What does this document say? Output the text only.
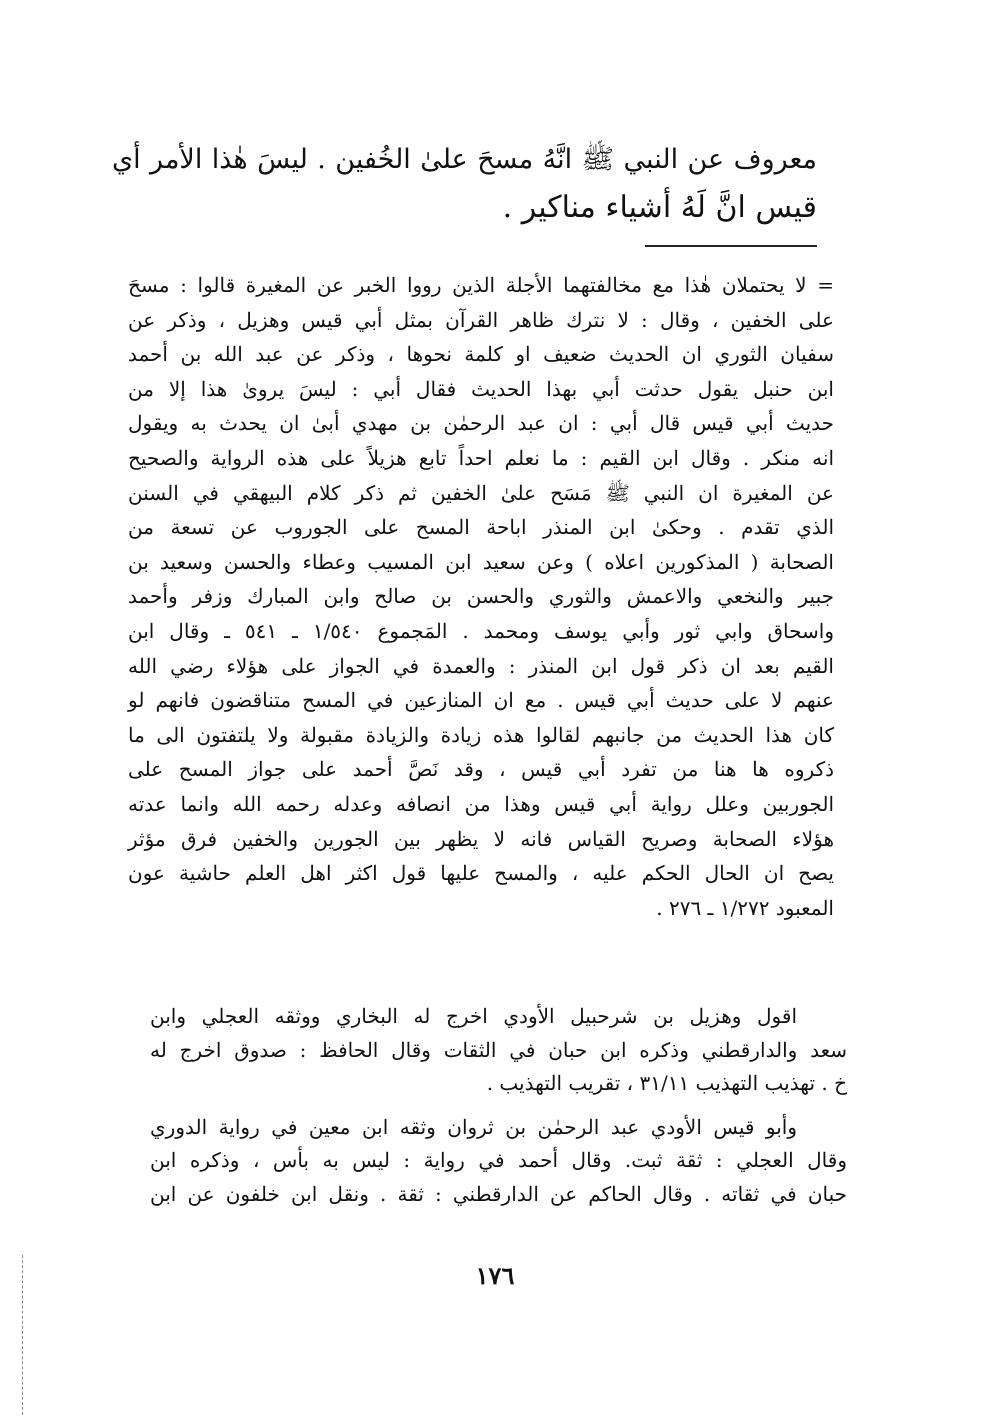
معروف عن النبي ﷺ انَّهُ مسحَ علىٰ الخُفين . ليسَ هٰذا الأمر أي
قيس انَّ لَهُ أشياء مناكير .
= لا يحتملان هٰذا مع مخالفتهما الأجلة الذين رووا الخبر عن المغيرة قالوا : مسحَ
على الخفين ، وقال : لا نترك ظاهر القرآن بمثل أبي قيس وهزيل ، وذكر عن
سفيان الثوري ان الحديث ضعيف او كلمة نحوها ، وذكر عن عبد الله بن أحمد
ابن حنبل يقول حدثت أبي بهذا الحديث فقال أبي : ليسَ يروىٰ هذا إلا من
حديث أبي قيس قال أبي : ان عبد الرحمٰن بن مهدي أبىٰ ان يحدث به ويقول
انه منكر . وقال ابن القيم : ما نعلم احداً تابع هزيلاً على هذه الرواية والصحيح
عن المغيرة ان النبي ﷺ مَسَح علىٰ الخفين ثم ذكر كلام البيهقي في السنن
الذي تقدم . وحكىٰ ابن المنذر اباحة المسح على الجوروب عن تسعة من
الصحابة ( المذكورين اعلاه ) وعن سعيد ابن المسيب وعطاء والحسن وسعيد بن
جبير والنخعي والاعمش والثوري والحسن بن صالح وابن المبارك وزفر وأحمد
واسحاق وابي ثور وأبي يوسف ومحمد . المَجموع ١/٥٤٠ ـ ٥٤١ ـ وقال ابن
القيم بعد ان ذكر قول ابن المنذر : والعمدة في الجواز على هؤلاء رضي الله
عنهم لا على حديث أبي قيس . مع ان المنازعين في المسح متناقضون فانهم لو
كان هذا الحديث من جانبهم لقالوا هذه زيادة والزيادة مقبولة ولا يلتفتون الى ما
ذكروه ها هنا من تفرد أبي قيس ، وقد نَصَّ أحمد على جواز المسح على
الجوربين وعلل رواية أبي قيس وهذا من انصافه وعدله رحمه الله وانما عدته
هؤلاء الصحابة وصريح القياس فانه لا يظهر بين الجورين والخفين فرق مؤثر
يصح ان الحال الحكم عليه ، والمسح عليها قول اكثر اهل العلم حاشية عون
المعبود ١/٢٧٢ ـ ٢٧٦ .

اقول وهزيل بن شرحبيل الأودي اخرج له البخاري ووثقه العجلي وابن
سعد والدارقطني وذكره ابن حبان في الثقات وقال الحافظ : صدوق اخرج له
خ . تهذيب التهذيب ٣١/١١ ، تقريب التهذيب .

وأبو قيس الأودي عبد الرحمٰن بن ثروان وثقه ابن معين في رواية الدوري
وقال العجلي : ثقة ثبت. وقال أحمد في رواية : ليس به بأس ، وذكره ابن
حبان في ثقاته . وقال الحاكم عن الدارقطني : ثقة . ونقل ابن خلفون عن ابن

١٧٦
